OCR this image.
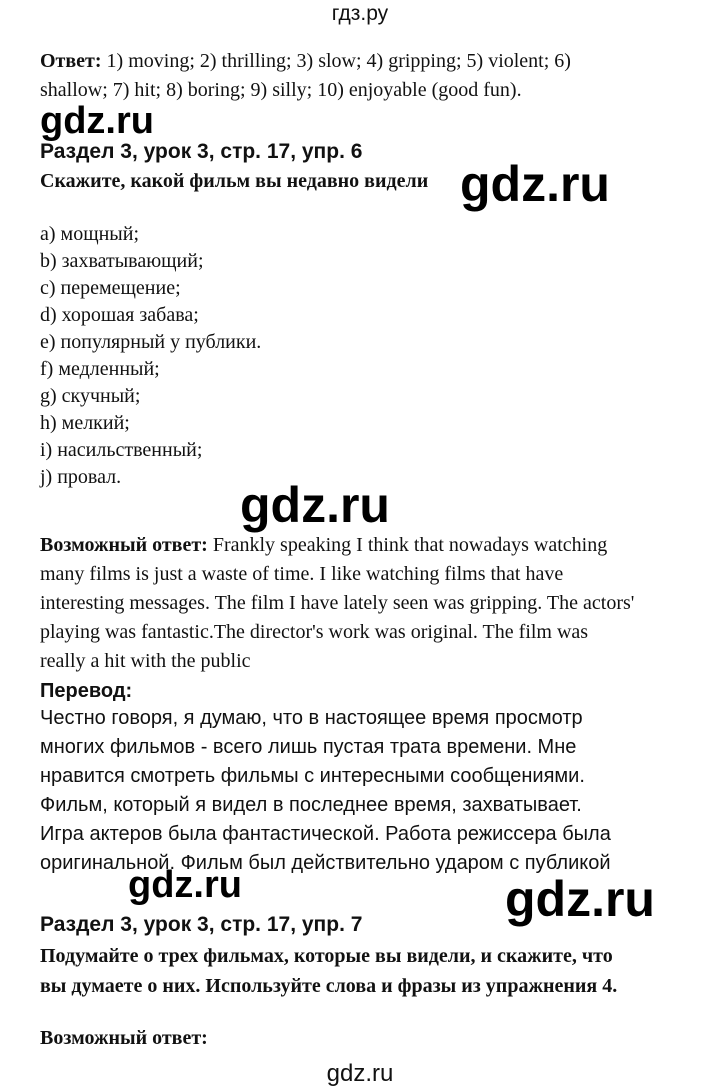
гдз.ру
Ответ: 1) moving; 2) thrilling; 3) slow; 4) gripping; 5) violent; 6)
shallow; 7) hit; 8) boring; 9) silly; 10) enjoyable (good fun).
gdz.ru
gdz.ru
gdz.ru
gdz.ru	gdz.ru
Раздел 3, урок 3, стр. 17, упр. 6
Скажите, какой фильм вы недавно видели
a) мощный;
b) захватывающий;
c) перемещение;
d) хорошая забава;
e) популярный у публики.
f) медленный;
g) скучный;
h) мелкий;
i) насильственный;
j) провал.
Возможный ответ: Frankly speaking I think that nowadays watching
many films is just a waste of time. I like watching films that have
interesting messages. The film I have lately seen was gripping. The actors'
playing was fantastic.The director's work was original. The film was
really a hit with the public
Перевод:
Честно говоря, я думаю, что в настоящее время просмотр
многих фильмов - всего лишь пустая трата времени. Мне
нравится смотреть фильмы с интересными сообщениями.
Фильм, который я видел в последнее время, захватывает.
Игра актеров была фантастической. Работа режиссера была
оригинальной. Фильм был действительно ударом с публикой
Раздел 3, урок 3, стр. 17, упр. 7
Подумайте о трех фильмах, которые вы видели, и скажите, что
вы думаете о них. Используйте слова и фразы из упражнения 4.
Возможный ответ:
gdz.ru
